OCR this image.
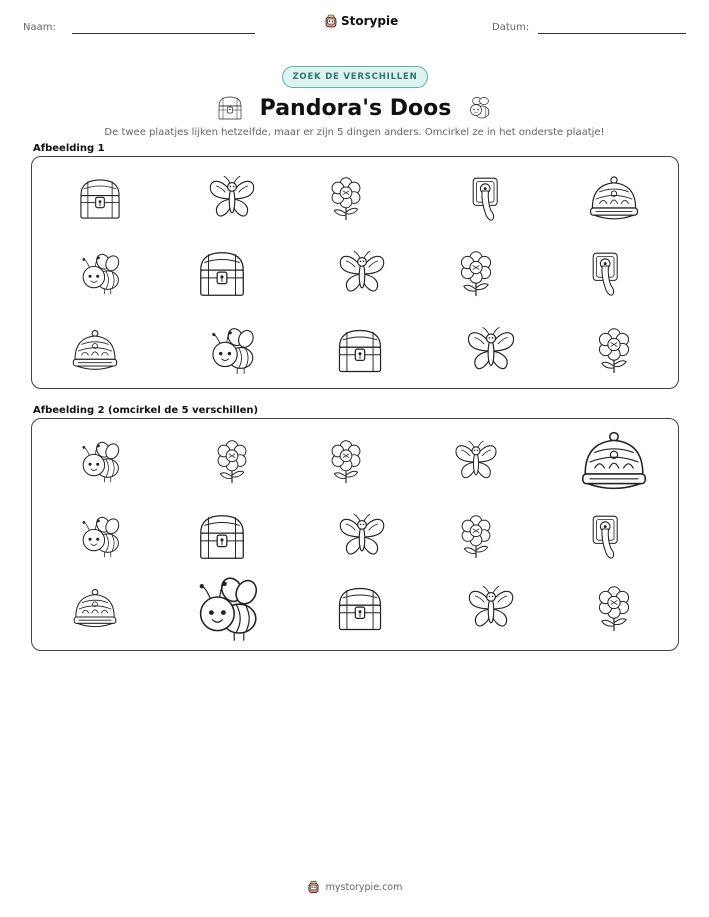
Naam:	Storypie	Datum:
ZOEK DE VERSCHILLEN
Pandora's Doos
De twee plaatjes lijken hetzelfde, maar er zijn 5 dingen anders. Omcirkel ze in het onderste plaatje!
Afbeelding 1
Afbeelding 2 (omcirkel de 5 verschillen)
mystorypie.com
